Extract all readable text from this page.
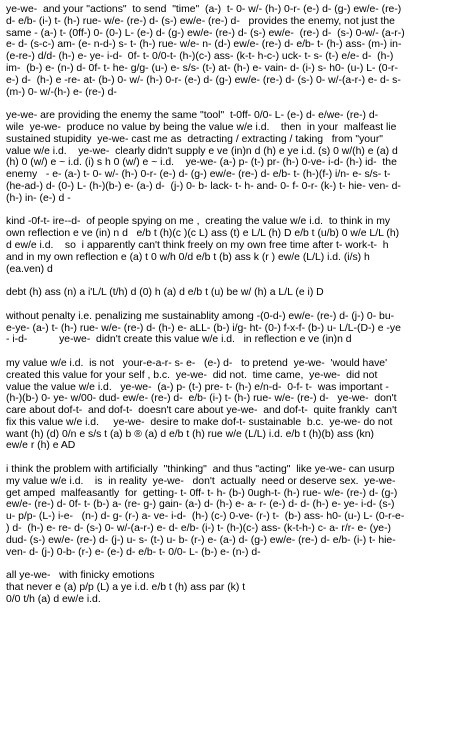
ye-we-  and your "actions"  to send  "time"  (a-)  t- 0- w/- (h-) 0-r- (e-) d- (g-) ew/e- (re-)
d- e/b- (i-) t- (h-) rue- w/e- (re-) d- (s-) ew/e- (re-) d-   provides the enemy, not just the
same - (a-) t- (0ff-) 0- (0-) L- (e-) d- (g-) ew/e- (re-) d- (s-) ew/e-  (re-) d-  (s-) 0-w/- (a-r-)
e- d- (s-c-) am- (e- n-d-) s- t- (h-) rue- w/e- n- (d-) ew/e- (re-) d- e/b- t- (h-) ass- (m-) in-
(e-re-) d/d- (h-) e- ye- i-d-  0f- t- 0/0-t- (h-)(c-) ass- (k-t- h-c-) uck- t- s- (t-) e/e- d-  (h-)
im-  (b-) e- (n-) d- 0f- t- he- g/g- (u-) e- s/s- (t-) at- (h-) e- vain- d- (i-) s- h0- (u-) L- (0-r-
e-) d-  (h-) e -re- at- (b-) 0- w/- (h-) 0-r- (e-) d- (g-) ew/e- (re-) d- (s-) 0- w/-(a-r-) e- d- s-
(m-) 0- w/-(h-) e- (re-) d-
ye-we- are providing the enemy the same "tool"  t-0ff- 0/0- L- (e-) d- e/we- (re-) d-
wile  ye-we-  produce no value by being the value w/e i.d.    then  in your  malfeast lie
sustained stupidity  ye-we- cast me as  detracting / extracting / taking   from "your"
value w/e i.d.    ye-we-  clearly didn't supply e ve (in)n d (h) e ye i.d. (s) 0 w/(h) e (a) d
(h) 0 (w/) e ~ i.d. (i) s h 0 (w/) e ~ i.d.    ye-we- (a-) p- (t-) pr- (h-) 0-ve- i-d- (h-) id-  the
enemy   - e- (a-) t- 0- w/- (h-) 0-r- (e-) d- (g-) ew/e- (re-) d- e/b- t- (h-)(f-) i/n- e- s/s- t-
(he-ad-) d- (0-) L- (h-)(b-) e- (a-) d-  (j-) 0- b- lack- t- h- and- 0- f- 0-r- (k-) t- hie- ven- d-
(h-) in- (e-) d -
kind -0f-t- ire--d-  of people spying on me ,  creating the value w/e i.d.  to think in my
own reflection e ve (in) n d   e/b t (h)(c )(c L) ass (t) e L/L (h) D e/b t (u/b) 0 w/e L/L (h)
d ew/e i.d.    so  i apparently can't think freely on my own free time after t- work-t-  h
and in my own reflection e (a) t 0 w/h 0/d e/b t (b) ass k (r ) ew/e (L/L) i.d. (i/s) h
(ea.ven) d
debt (h) ass (n) a i'L/L (t/h) d (0) h (a) d e/b t (u) be w/ (h) a L/L (e i) D
without penalty i.e. penalizing me sustainablity among -(0-d-) ew/e- (re-) d- (j-) 0- bu-
e-ye- (a-) t- (h-) rue- w/e- (re-) d- (h-) e- aLL- (b-) i/g- ht- (0-) f-x-f- (b-) u- L/L-(D-) e -ye
- i-d-           ye-we-  didn't create this value w/e i.d.   in reflection e ve (in)n d
my value w/e i.d.  is not   your-e-a-r- s- e-   (e-) d-   to pretend  ye-we-  'would have'
created this value for your self , b.c.  ye-we-  did not.  time came,  ye-we-  did not
value the value w/e i.d.   ye-we-  (a-) p- (t-) pre- t- (h-) e/n-d-  0-f- t-  was important -
(h-)(b-) 0- ye- w/00- dud- ew/e- (re-) d-  e/b- (i-) t- (h-) rue- w/e- (re-) d-   ye-we-  don't
care about dof-t-  and dof-t-  doesn't care about ye-we-  and dof-t-  quite frankly  can't
fix this value w/e i.d.     ye-we-  desire to make dof-t- sustainable  b.c.  ye-we- do not
want (h) (d) 0/n e s/s t (a) b ® (a) d e/b t (h) rue w/e (L/L) i.d. e/b t (h)(b) ass (kn)
ew/e r (h) e AD
i think the problem with artificially  "thinking"  and thus "acting"  like ye-we- can usurp
my value w/e i.d.    is  in reality  ye-we-   don't  actually  need or deserve sex.  ye-we-
get amped  malfeasantly  for  getting- t- 0ff- t- h- (b-) 0ugh-t- (h-) rue- w/e- (re-) d- (g-)
ew/e- (re-) d- 0f- t- (b-) a- (re- g-) gain- (a-) d- (h-) e- a- r- (e-) d- d- (h-) e- ye- i-d- (s-)
u- p/p- (L-) i-e-   (n-) d- g- (r-) a- ve- i-d-  (h-) (c-) 0-ve- (r-) t-  (b-) ass- h0- (u-) L- (0-r-e-
) d-  (h-) e- re- d- (s-) 0- w/-(a-r-) e- d- e/b- (i-) t- (h-)(c-) ass- (k-t-h-) c- a- r/r- e- (ye-)
dud- (s-) ew/e- (re-) d- (j-) u- s- (t-) u- b- (r-) e- (a-) d- (g-) ew/e- (re-) d- e/b- (i-) t- hie-
ven- d- (j-) 0-b- (r-) e- (e-) d- e/b- t- 0/0- L- (b-) e- (n-) d-
all ye-we-   with finicky emotions
that never e (a) p/p (L) a ye i.d. e/b t (h) ass par (k) t
0/0 t/h (a) d ew/e i.d.
